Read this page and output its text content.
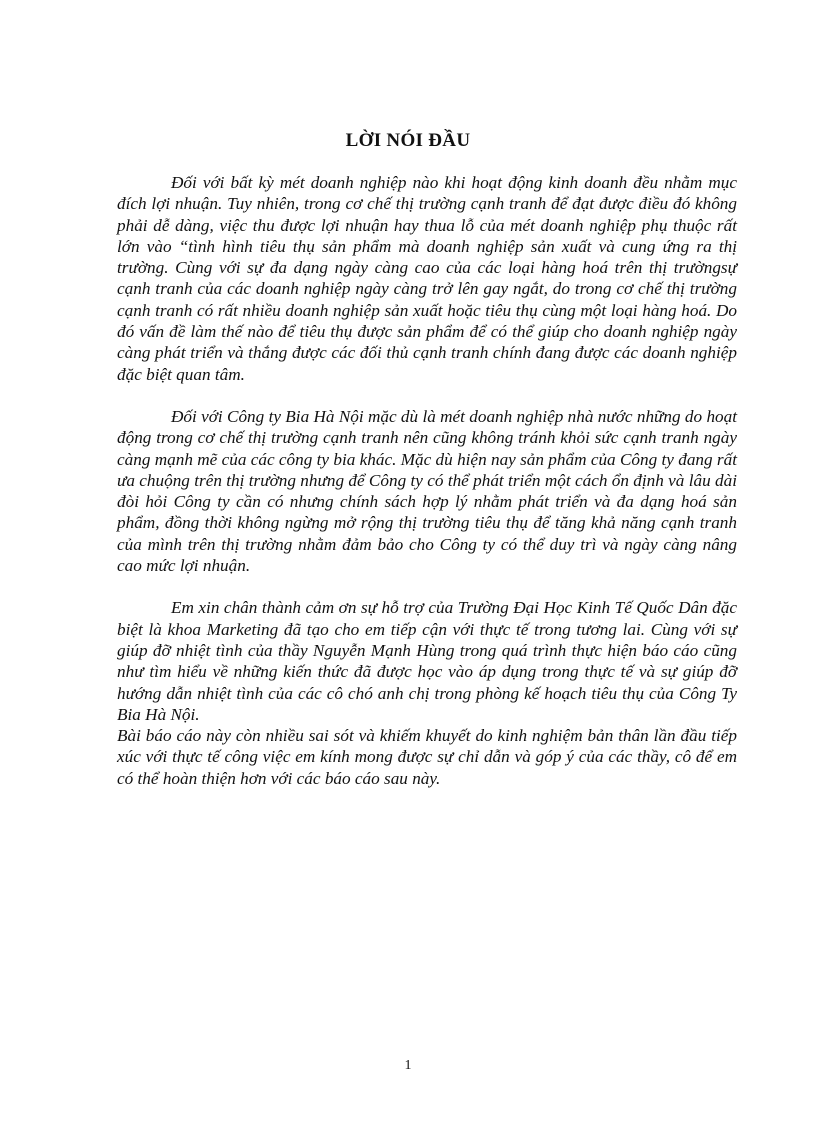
LỜI NÓI ĐẦU

Đối với bất kỳ mét doanh nghiệp nào khi hoạt động kinh doanh đều nhằm mục đích lợi nhuận. Tuy nhiên, trong cơ chế thị trường cạnh tranh để đạt được điều đó không phải dễ dàng, việc thu được lợi nhuận hay thua lỗ của mét doanh nghiệp phụ thuộc rất lớn vào “tình hình tiêu thụ sản phẩm mà doanh nghiệp sản xuất và cung ứng ra thị trường. Cùng với sự đa dạng ngày càng cao của các loại hàng hoá trên thị trườngsự cạnh tranh của các doanh nghiệp ngày càng trở lên gay ngắt, do trong cơ chế thị trường cạnh tranh có rất nhiều doanh nghiệp sản xuất hoặc tiêu thụ cùng một loại hàng hoá. Do đó vấn đề làm thế nào để tiêu thụ được sản phẩm để có thể giúp cho doanh nghiệp ngày càng phát triển và thắng được các đối thủ cạnh tranh chính đang được các doanh nghiệp đặc biệt quan tâm.

Đối với Công ty Bia Hà Nội mặc dù là mét doanh nghiệp nhà nước những do hoạt động trong cơ chế thị trường cạnh tranh nên cũng không tránh khỏi sức cạnh tranh ngày càng mạnh mẽ của các công ty bia khác. Mặc dù hiện nay sản phẩm của Công ty đang rất ưa chuộng trên thị trường nhưng để Công ty có thể phát triển một cách ổn định và lâu dài đòi hỏi Công ty cần có nhưng chính sách hợp lý nhằm phát triển và đa dạng hoá sản phẩm, đồng thời không ngừng mở rộng thị trường tiêu thụ để tăng khả năng cạnh tranh của mình trên thị trường nhằm đảm bảo cho Công ty có thể duy trì và ngày càng nâng cao mức lợi nhuận.

Em xin chân thành cảm ơn sự hỗ trợ của Trường Đại Học Kinh Tế Quốc Dân đặc biệt là khoa Marketing đã tạo cho em tiếp cận với thực tế trong tương lai. Cùng với sự giúp đỡ nhiệt tình của thầy Nguyễn Mạnh Hùng trong quá trình thực hiện báo cáo cũng như tìm hiểu về những kiến thức đã được học vào áp dụng trong thực tế và sự giúp đỡ hướng dẫn nhiệt tình của các cô chó anh chị trong phòng kế hoạch tiêu thụ của Công Ty Bia Hà Nội.

Bài báo cáo này còn nhiều sai sót và khiếm khuyết do kinh nghiệm bản thân lần đầu tiếp xúc với thực tế công việc em kính mong được sự chỉ dẫn và góp ý của các thầy, cô để em có thể hoàn thiện hơn với các báo cáo sau này.

1
